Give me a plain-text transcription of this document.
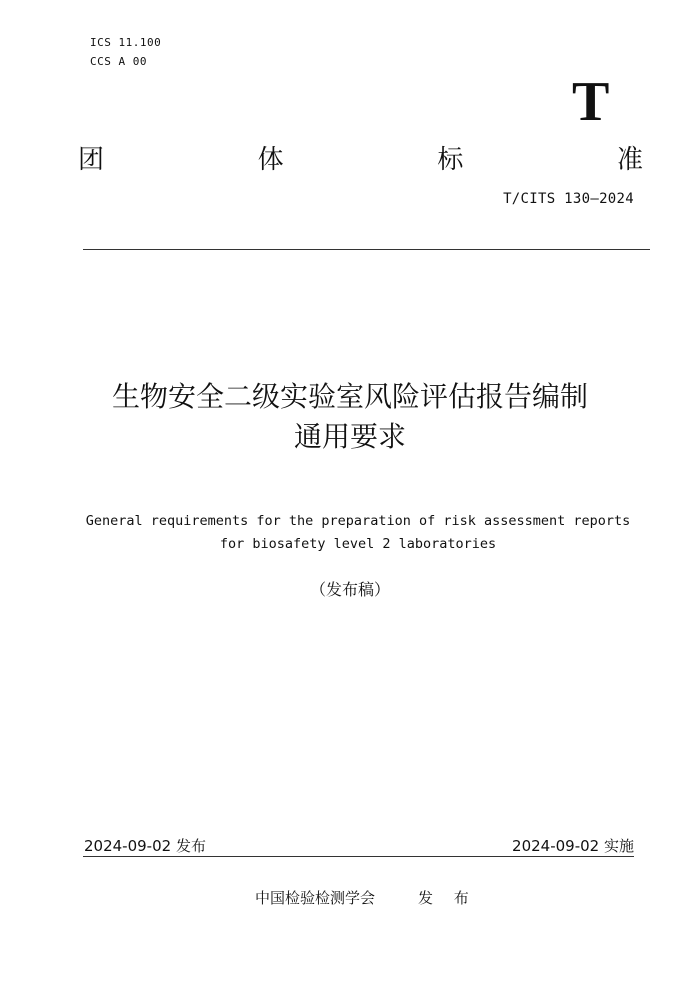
ICS 11.100
CCS A 00
T
团	体	标	准
T/CITS 130—2024
生物安全二级实验室风险评估报告编制
通用要求
General requirements for the preparation of risk assessment reports
for biosafety level 2 laboratories
（发布稿）
2024-09-02 发布	2024-09-02 实施
中国检验检测学会	发 布
